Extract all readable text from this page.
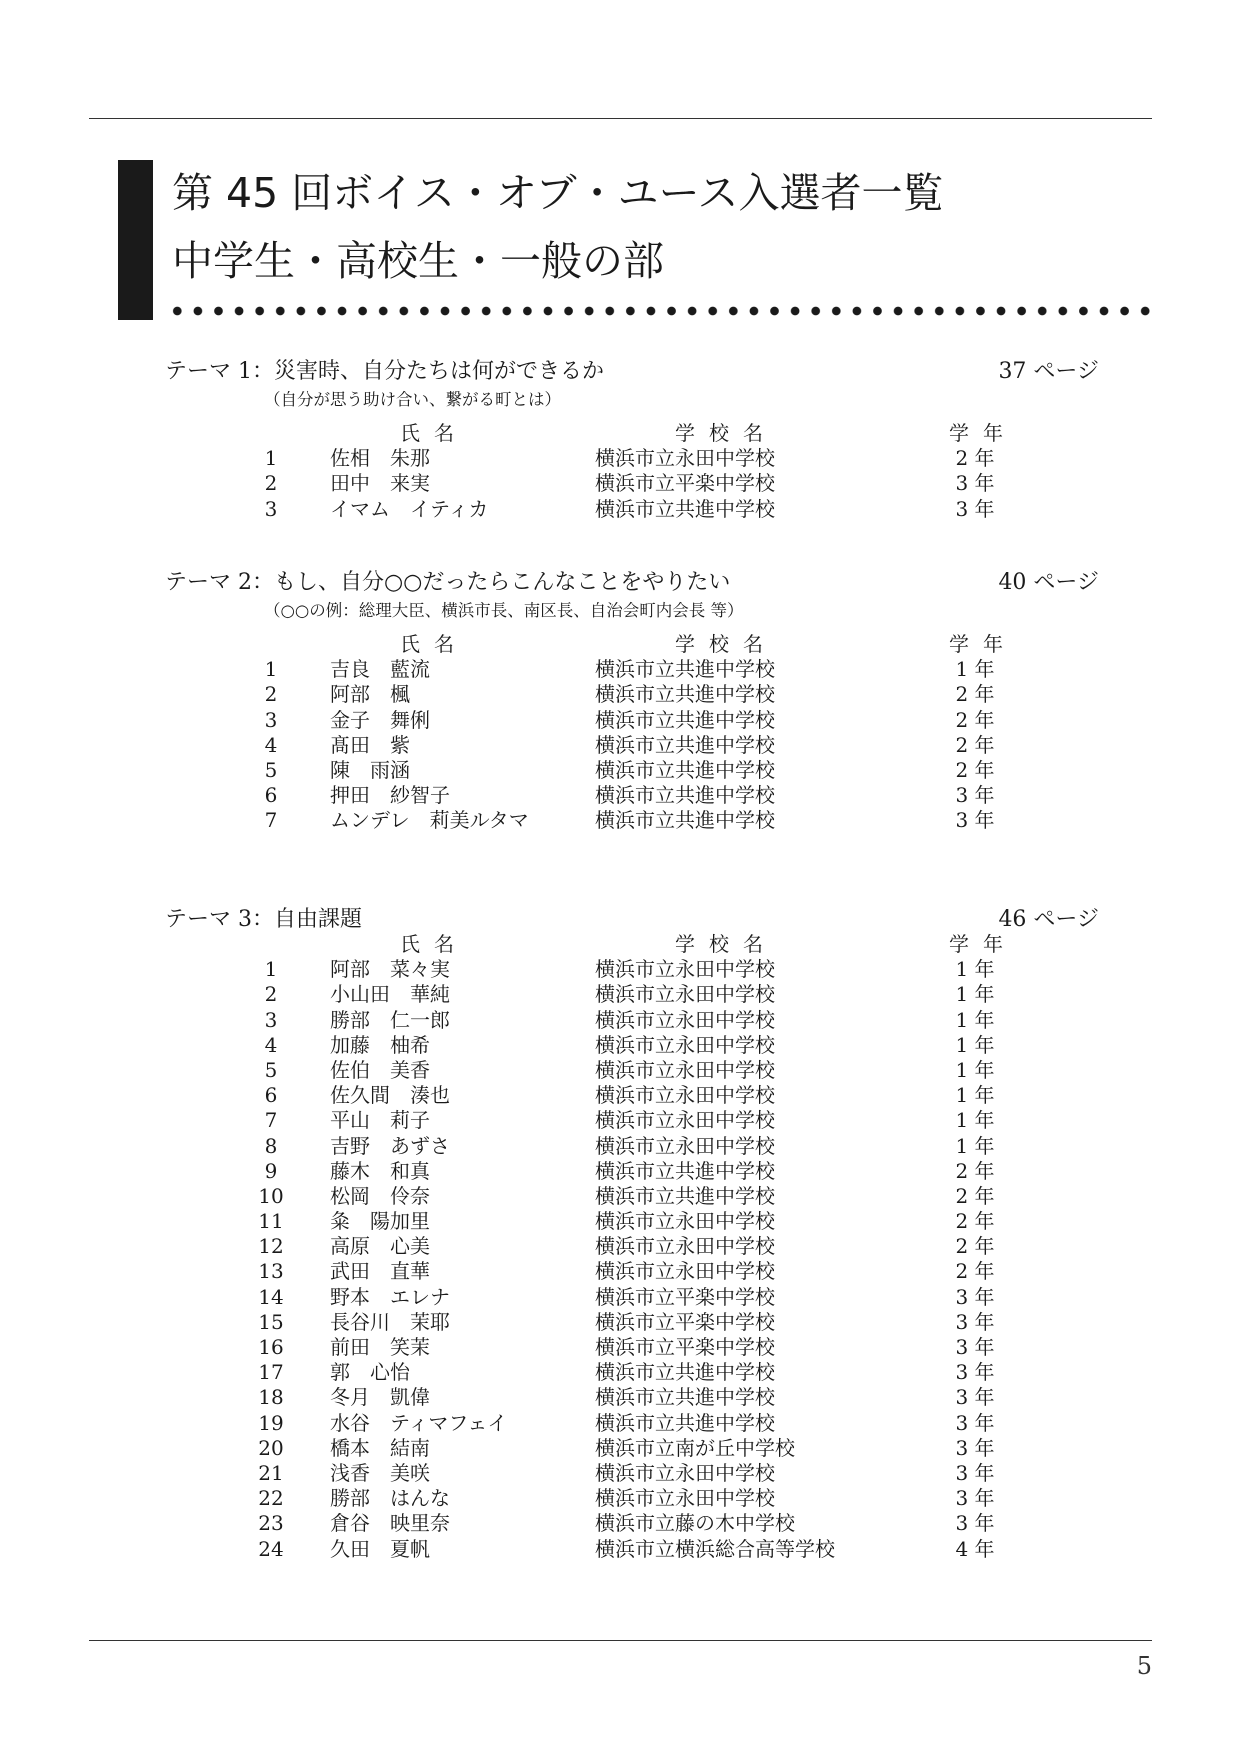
第 45 回ボイス・オブ・ユース入選者一覧
中学生・高校生・一般の部
テーマ 1：災害時、自分たちは何ができるか	37 ページ
（自分が思う助け合い、繋がる町とは）
氏名	学校名	学年
1	佐相　朱那	横浜市立永田中学校	2 年
2	田中　来実	横浜市立平楽中学校	3 年
3	イマム　イティカ	横浜市立共進中学校	3 年
テーマ 2：もし、自分○○だったらこんなことをやりたい	40 ページ
（○○の例：総理大臣、横浜市長、南区長、自治会町内会長 等）
氏名	学校名	学年
1	吉良　藍流	横浜市立共進中学校	1 年
2	阿部　楓	横浜市立共進中学校	2 年
3	金子　舞俐	横浜市立共進中学校	2 年
4	髙田　紫	横浜市立共進中学校	2 年
5	陳　雨涵	横浜市立共進中学校	2 年
6	押田　紗智子	横浜市立共進中学校	3 年
7	ムンデレ　莉美ルタマ	横浜市立共進中学校	3 年
テーマ 3：自由課題	46 ページ
氏名	学校名	学年
1	阿部　菜々実	横浜市立永田中学校	1 年
2	小山田　華純	横浜市立永田中学校	1 年
3	勝部　仁一郎	横浜市立永田中学校	1 年
4	加藤　柚希	横浜市立永田中学校	1 年
5	佐伯　美香	横浜市立永田中学校	1 年
6	佐久間　湊也	横浜市立永田中学校	1 年
7	平山　莉子	横浜市立永田中学校	1 年
8	吉野　あずさ	横浜市立永田中学校	1 年
9	藤木　和真	横浜市立共進中学校	2 年
10 松岡　伶奈	横浜市立共進中学校	2 年
11 粂　陽加里	横浜市立永田中学校	2 年
12 高原　心美	横浜市立永田中学校	2 年
13 武田　直華	横浜市立永田中学校	2 年
14 野本　エレナ	横浜市立平楽中学校	3 年
15 長谷川　茉耶	横浜市立平楽中学校	3 年
16 前田　笑茉	横浜市立平楽中学校	3 年
17 郭　心怡	横浜市立共進中学校	3 年
18 冬月　凱偉	横浜市立共進中学校	3 年
19 水谷　ティマフェイ	横浜市立共進中学校	3 年
20 橋本　結南	横浜市立南が丘中学校	3 年
21 浅香　美咲	横浜市立永田中学校	3 年
22 勝部　はんな	横浜市立永田中学校	3 年
23 倉谷　映里奈	横浜市立藤の木中学校	3 年
24 久田　夏帆	横浜市立横浜総合高等学校	4 年
5
